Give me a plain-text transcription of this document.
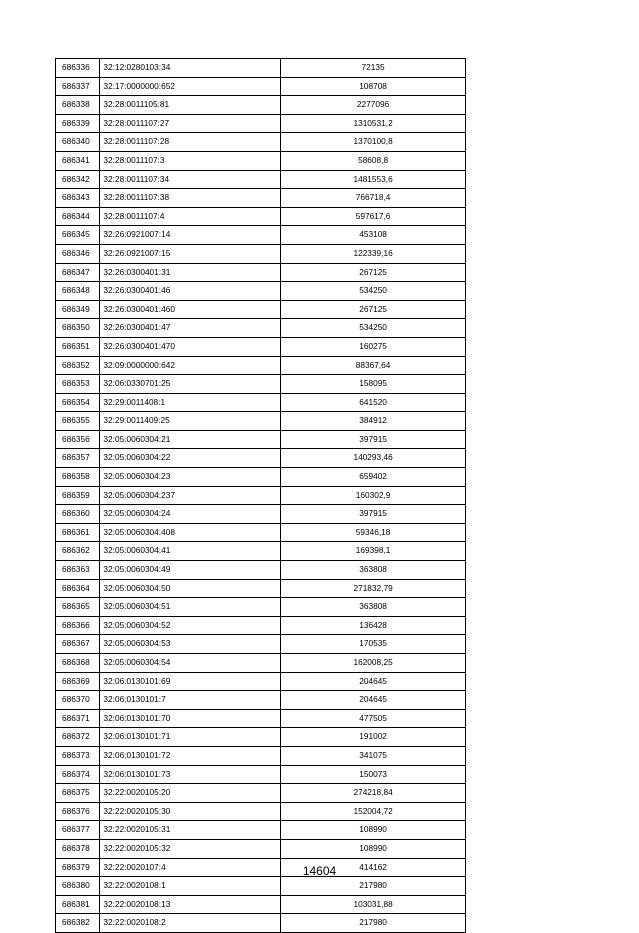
686336	32:12:0280103:34	72135
686337	32:17:0000000:652	108708
686338	32:28:0011105:81	2277096
686339	32:28:0011107:27	1310531,2
686340	32:28:0011107:28	1370100,8
686341	32:28:0011107:3	58608,8
686342	32:28:0011107:34	1481553,6
686343	32:28:0011107:38	766718,4
686344	32:28:0011107:4	597617,6
686345	32:26:0921007:14	453108
686346	32:26:0921007:15	122339,16
686347	32:26:0300401:31	267125
686348	32:26:0300401:46	534250
686349	32:26:0300401:460	267125
686350	32:26:0300401:47	534250
686351	32:26:0300401:470	160275
686352	32:09:0000000:642	88367,64
686353	32:06:0330701:25	158095
686354	32:29:0011408:1	641520
686355	32:29:0011409:25	384912
686356	32:05:0060304:21	397915
686357	32:05:0060304:22	140293,46
686358	32:05:0060304:23	659402
686359	32:05:0060304:237	160302,9
686360	32:05:0060304:24	397915
686361	32:05:0060304:408	59346,18
686362	32:05:0060304:41	169398,1
686363	32:05:0060304:49	363808
686364	32:05:0060304:50	271832,79
686365	32:05:0060304:51	363808
686366	32:05:0060304:52	136428
686367	32:05:0060304:53	170535
686368	32:05:0060304:54	162008,25
686369	32:06:0130101:69	204645
686370	32:06:0130101:7	204645
686371	32:06:0130101:70	477505
686372	32:06:0130101:71	191002
686373	32:06:0130101:72	341075
686374	32:06:0130101:73	150073
686375	32:22:0020105:20	274218,84
686376	32:22:0020105:30	152004,72
686377	32:22:0020105:31	108990
686378	32:22:0020105:32	108990
686379	32:22:0020107:4	414162
686380	32:22:0020108:1	217980
686381	32:22:0020108:13	103031,88
686382	32:22:0020108:2	217980
14604
